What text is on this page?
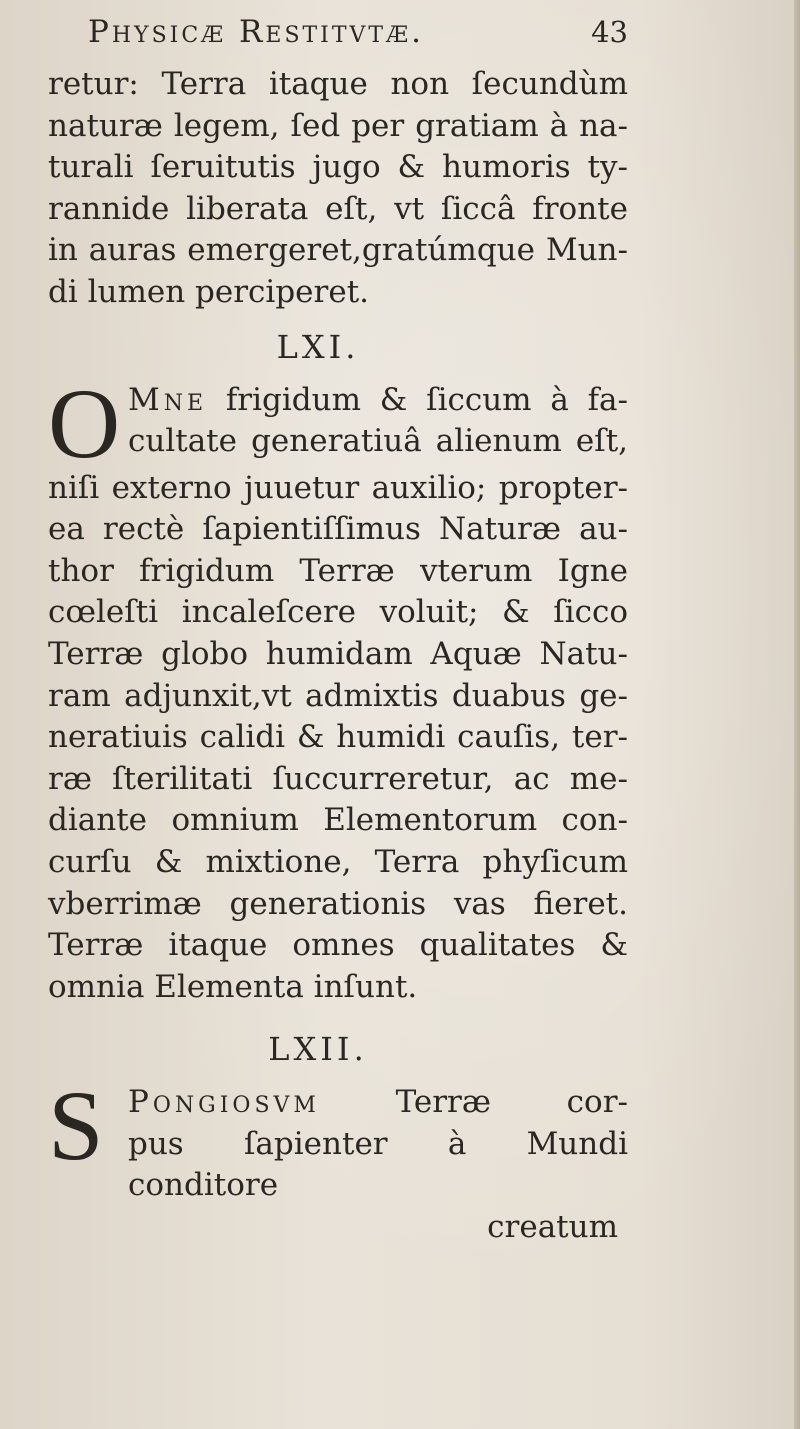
Physicæ Restitvtæ.	43
retur: Terra itaque non ſecundùm
naturæ legem, ſed per gratiam à na-
turali ſeruitutis jugo & humoris ty-
rannide liberata eſt, vt ſiccâ fronte
in auras emergeret,gratúmque Mun-
di lumen perciperet.
LXI.
O Mne frigidum & ſiccum à fa-
cultate generatiuâ alienum eſt,
niſi externo juuetur auxilio; propter-
ea rectè ſapientiſſimus Naturæ au-
thor frigidum Terræ vterum Igne
cœleſti incaleſcere voluit; & ſicco
Terræ globo humidam Aquæ Natu-
ram adjunxit,vt admixtis duabus ge-
neratiuis calidi & humidi cauſis, ter-
ræ ſterilitati ſuccurreretur, ac me-
diante omnium Elementorum con-
curſu & mixtione, Terra phyſicum
vberrimæ generationis vas fieret.
Terræ itaque omnes qualitates &
omnia Elementa inſunt.
LXII.
S Pongiosvm Terræ cor-
pus ſapienter à Mundi conditore
creatum
